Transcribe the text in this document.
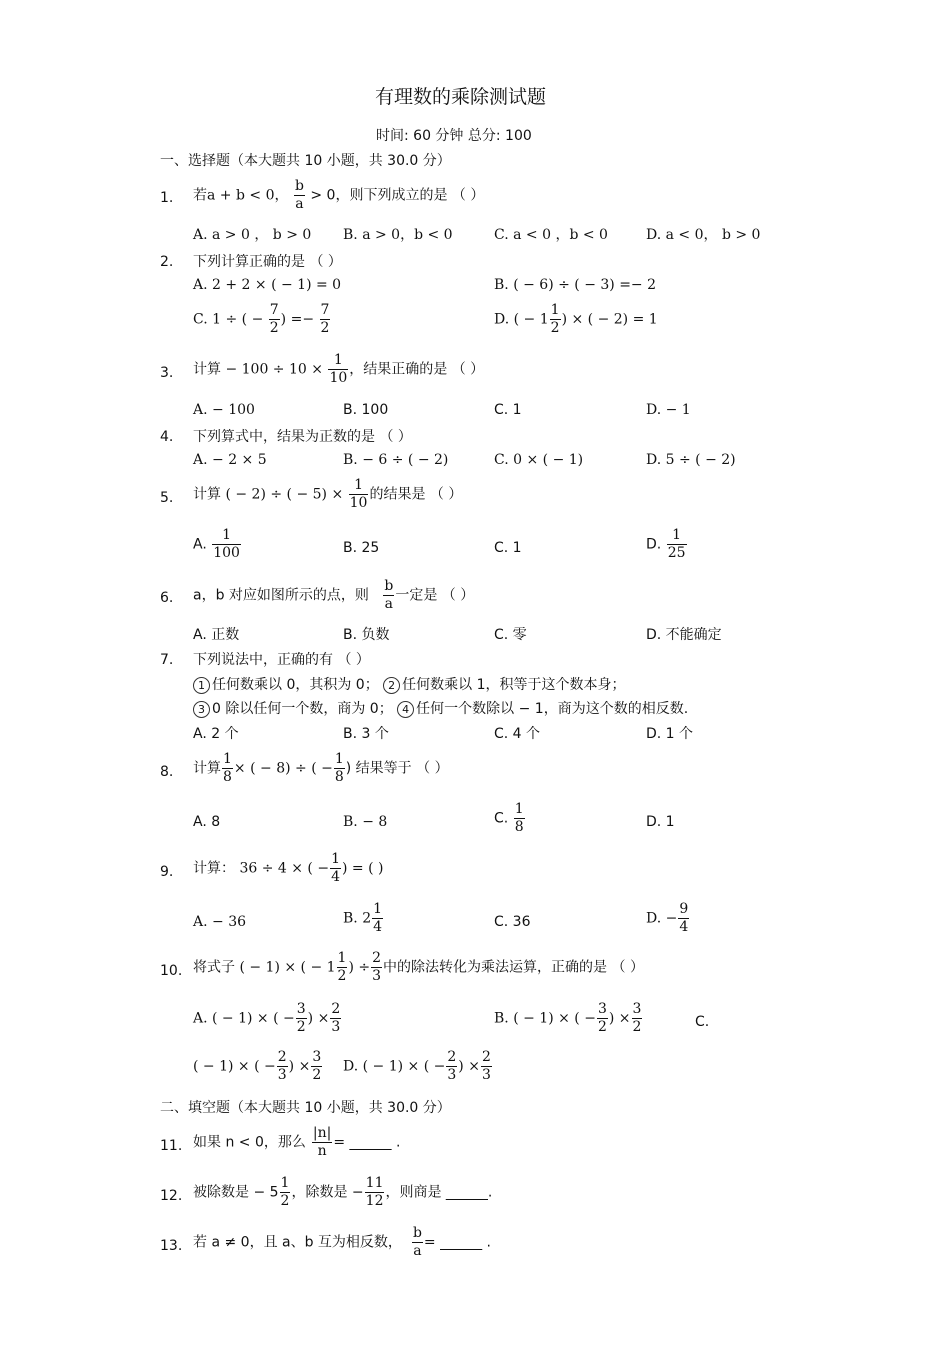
有理数的乘除测试题
时间: 60 分钟 总分: 100
一、选择题（本大题共 10 小题，共 30.0 分）
1. 若a + b < 0， $\frac{b}{a} > 0$，则下列成立的是 （ ）
A. a > 0 ， b > 0 B. a > 0，b < 0	C. a < 0 ，b < 0	D. a < 0， b > 0
2. 下列计算正确的是 （ ）
A. 2 + 2 × ( − 1) = 0	B. ( − 6) ÷ ( − 3) =− 2
C. 1 ÷ ( − $\frac{7}{2}$ ) =− $\frac{7}{2}$	D. ( − $1 \frac{1}{2}$ ) × ( − 2) = 1
3. 计算 − $100 \div 10 \times \frac{1}{10}$ ，结果正确的是 （ ）
A. − 100	B. 100	C. 1	D. − 1
4. 下列算式中，结果为正数的是 （ ）
A. − 2 × 5	B. − 6 ÷ ( − 2)	C. 0 × ( − 1)	D. 5 ÷ ( − 2)
5. 计算 ( − 2) ÷ ( − $5) \times \frac{1}{10}$ 的结果是 （ ）
A. $\frac{1}{100}$	B. 25	C. 1	D. $\frac{1}{25}$
6. a，b 对应如图所示的点，则 $\frac{b}{a}$ 一定是 （ ）
A. 正数	B. 负数	C. 零	D. 不能确定
7. 下列说法中，正确的有 （ ）
1 任何数乘以 0，其积为 0； 2 任何数乘以 1，积等于这个数本身；
3 0 除以任何一个数，商为 0； 4 任何一个数除以 − 1，商为这个数的相反数.
A. 2 个	B. 3 个	C. 4 个	D. 1 个
8. 计算 $\frac{1}{8}$ × ( − 8) ÷ ( − $\frac{1}{8}$ ) 结果等于 （ ）
A. 8	B. − 8	C. $\frac{1}{8}$	D. 1
9. 计算： 36 ÷ 4 × ( − $\frac{1}{4}$ ) = ( )
A. − 36	B. $2 \frac{1}{4}$	C. 36	D. − $\frac{9}{4}$
10. 将式子 ( − 1) × ( − $1 \frac{1}{2}$ ) ÷ $\frac{2}{3}$ 中的除法转化为乘法运算，正确的是 （ ）
A. ( − 1) × ( − $\frac{3}{2}$ ) × $\frac{2}{3}$	B. ( − 1) × ( − $\frac{3}{2}$ ) × $\frac{3}{2}$	C.
( − 1) × ( − $\frac{2}{3}$ ) × $\frac{3}{2} D$. ( − 1) × ( − $\frac{2}{3}$ ) × $\frac{2}{3}$
二、填空题（本大题共 10 小题，共 30.0 分）
11. 如果 n < 0，那么 $\frac{|n|}{n}$ = ______ .
12. 被除数是 − $5 \frac{1}{2}$ ，除数是 − $\frac{11}{12}$ ，则商是 ______.
13. 若 a ≠ 0，且 a、b 互为相反数， $\frac{b}{a}$ = ______ .
